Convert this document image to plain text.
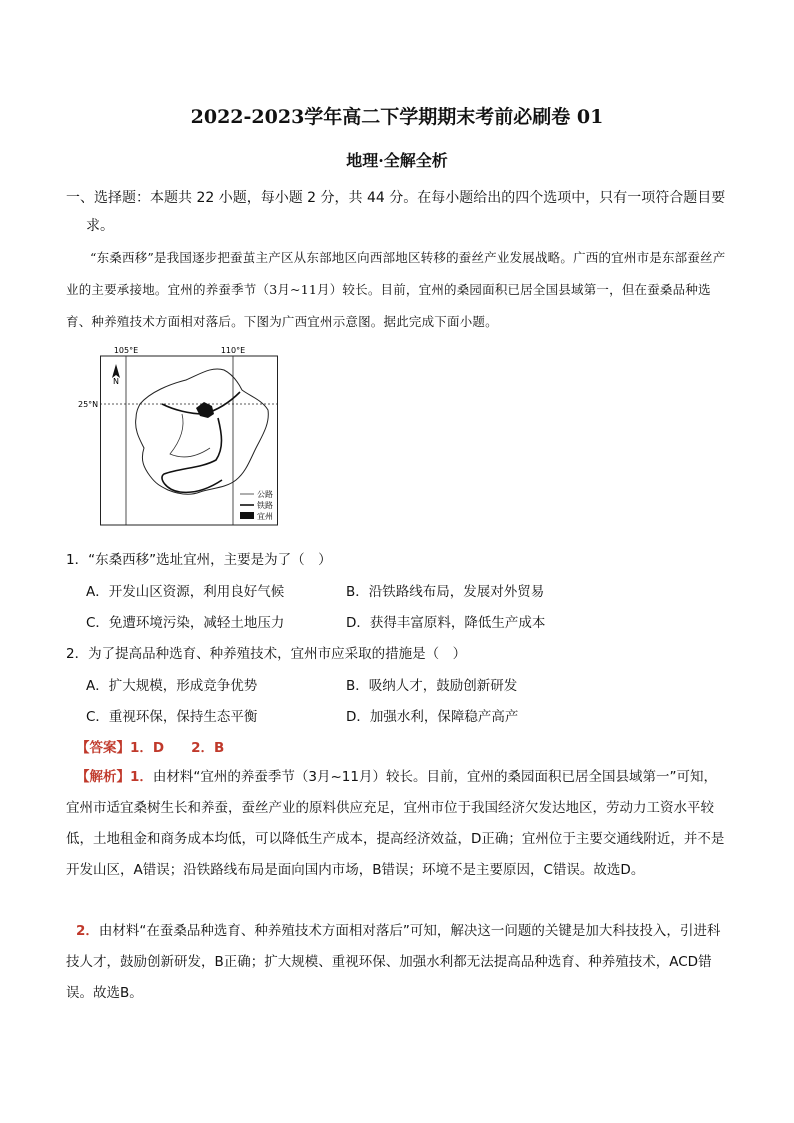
2022-2023学年高二下学期期末考前必刷卷 01
地理·全解全析
一、选择题：本题共 22 小题，每小题 2 分，共 44 分。在每小题给出的四个选项中，只有一项符合题目要
求。
“东桑西移”是我国逐步把蚕茧主产区从东部地区向西部地区转移的蚕丝产业发展战略。广西的宜州市是东部蚕丝产业的主要承接地。宜州的养蚕季节（3月~11月）较长。目前，宜州的桑园面积已居全国县域第一，但在蚕桑品种选育、种养殖技术方面相对落后。下图为广西宜州示意图。据此完成下面小题。
105°E	110°E
25°N
N
公路
铁路
宜州
1．“东桑西移”选址宜州，主要是为了（　）
A．开发山区资源，利用良好气候	B．沿铁路线布局，发展对外贸易
C．免遭环境污染，减轻土地压力	D．获得丰富原料，降低生产成本
2．为了提高品种选育、种养殖技术，宜州市应采取的措施是（　）
A．扩大规模，形成竞争优势	B．吸纳人才，鼓励创新研发
C．重视环保，保持生态平衡	D．加强水利，保障稳产高产
【答案】1．D　　2．B
【解析】1．由材料“宜州的养蚕季节（3月~11月）较长。目前，宜州的桑园面积已居全国县域第一”可知，宜州市适宜桑树生长和养蚕，蚕丝产业的原料供应充足，宜州市位于我国经济欠发达地区，劳动力工资水平较低，土地租金和商务成本均低，可以降低生产成本，提高经济效益，D正确；宜州位于主要交通线附近，并不是开发山区，A错误；沿铁路线布局是面向国内市场，B错误；环境不是主要原因，C错误。故选D。
2．由材料“在蚕桑品种选育、种养殖技术方面相对落后”可知，解决这一问题的关键是加大科技投入，引进科技人才，鼓励创新研发，B正确；扩大规模、重视环保、加强水利都无法提高品种选育、种养殖技术，ACD错误。故选B。
